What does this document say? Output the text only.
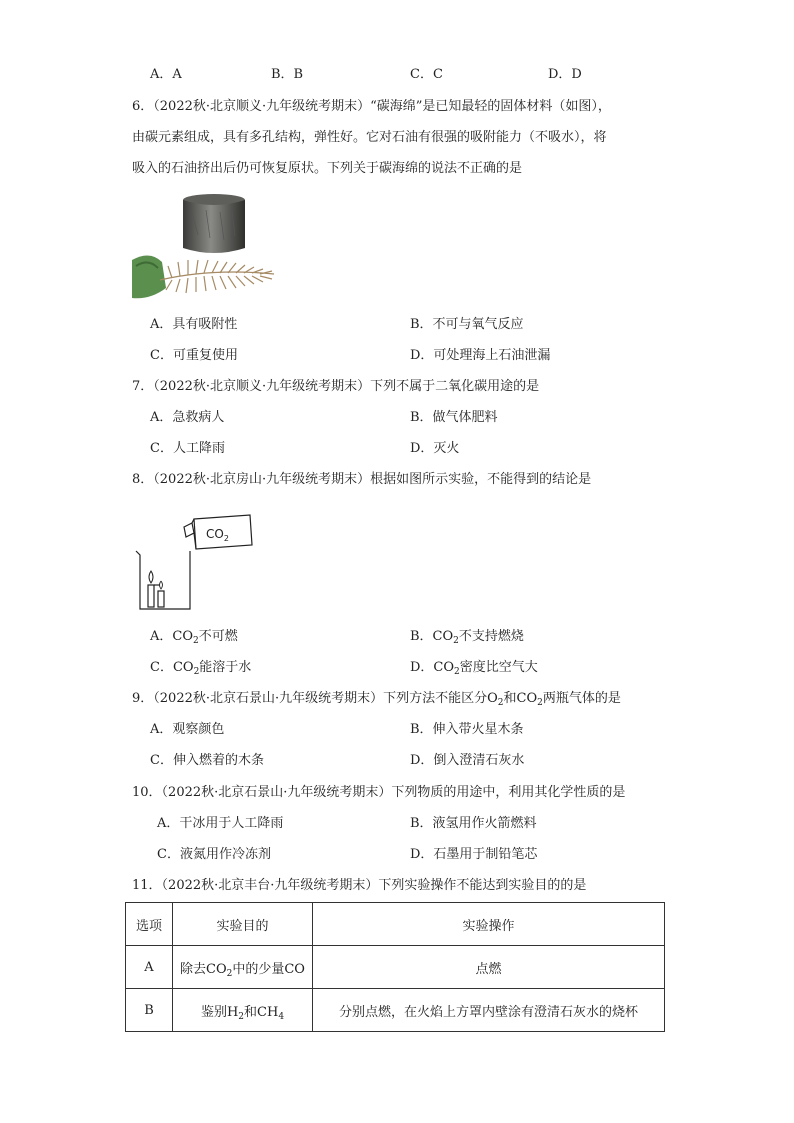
A．A	B．B	C．C	D．D
6．（2022秋·北京顺义·九年级统考期末）“碳海绵”是已知最轻的固体材料（如图），
由碳元素组成，具有多孔结构，弹性好。它对石油有很强的吸附能力（不吸水），将
吸入的石油挤出后仍可恢复原状。下列关于碳海绵的说法不正确的是
A．具有吸附性	B．不可与氧气反应
C．可重复使用	D．可处理海上石油泄漏
7．（2022秋·北京顺义·九年级统考期末）下列不属于二氧化碳用途的是
A．急救病人	B．做气体肥料
C．人工降雨	D．灭火
8．（2022秋·北京房山·九年级统考期末）根据如图所示实验，不能得到的结论是
$CO_2$
A．$CO_2$不可燃	B．$CO_2$不支持燃烧
C．$CO_2$能溶于水	D．$CO_2$密度比空气大
9．（2022秋·北京石景山·九年级统考期末）下列方法不能区分$O_2$和$CO_2$两瓶气体的是
A．观察颜色	B．伸入带火星木条
C．伸入燃着的木条	D．倒入澄清石灰水
10．（2022秋·北京石景山·九年级统考期末）下列物质的用途中，利用其化学性质的是
A．干冰用于人工降雨	B．液氢用作火箭燃料
C．液氮用作冷冻剂	D．石墨用于制铅笔芯
11．（2022秋·北京丰台·九年级统考期末）下列实验操作不能达到实验目的的是
选项	实验目的	实验操作
A	除去$CO_2$中的少量CO	点燃
B	鉴别$H_2$和$CH_4$	分别点燃，在火焰上方罩内壁涂有澄清石灰水的烧杯
